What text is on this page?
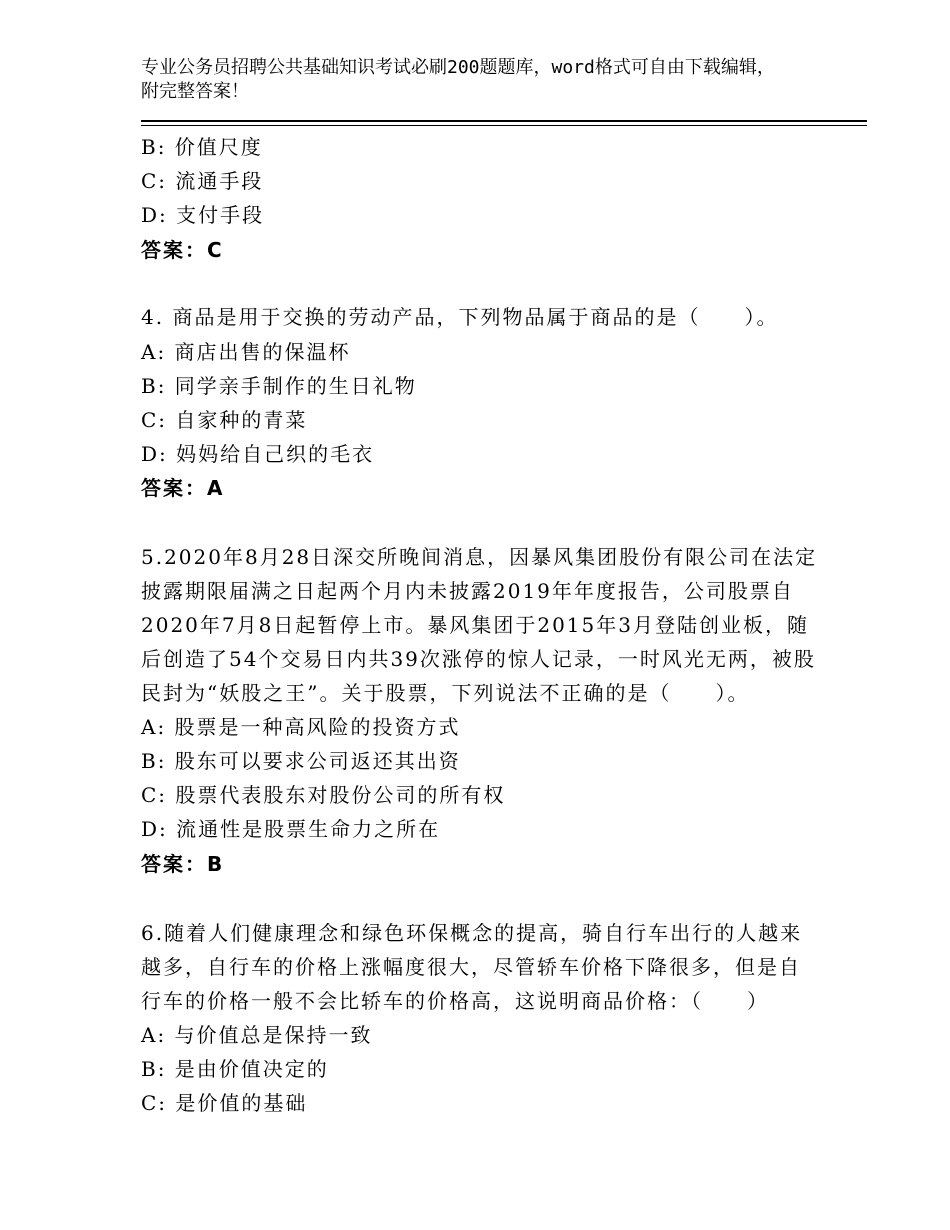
专业公务员招聘公共基础知识考试必刷200题题库，word格式可自由下载编辑，
附完整答案！
B: 价值尺度
C: 流通手段
D: 支付手段
答案：C
4. 商品是用于交换的劳动产品，下列物品属于商品的是（　　）。
A: 商店出售的保温杯
B: 同学亲手制作的生日礼物
C: 自家种的青菜
D: 妈妈给自己织的毛衣
答案：A
5.2020年8月28日深交所晚间消息，因暴风集团股份有限公司在法定
披露期限届满之日起两个月内未披露2019年年度报告，公司股票自
2020年7月8日起暂停上市。暴风集团于2015年3月登陆创业板，随
后创造了54个交易日内共39次涨停的惊人记录，一时风光无两，被股
民封为“妖股之王”。关于股票，下列说法不正确的是（　　）。
A: 股票是一种高风险的投资方式
B: 股东可以要求公司返还其出资
C: 股票代表股东对股份公司的所有权
D: 流通性是股票生命力之所在
答案：B
6.随着人们健康理念和绿色环保概念的提高，骑自行车出行的人越来
越多，自行车的价格上涨幅度很大，尽管轿车价格下降很多，但是自
行车的价格一般不会比轿车的价格高，这说明商品价格：（　　）
A: 与价值总是保持一致
B: 是由价值决定的
C: 是价值的基础
